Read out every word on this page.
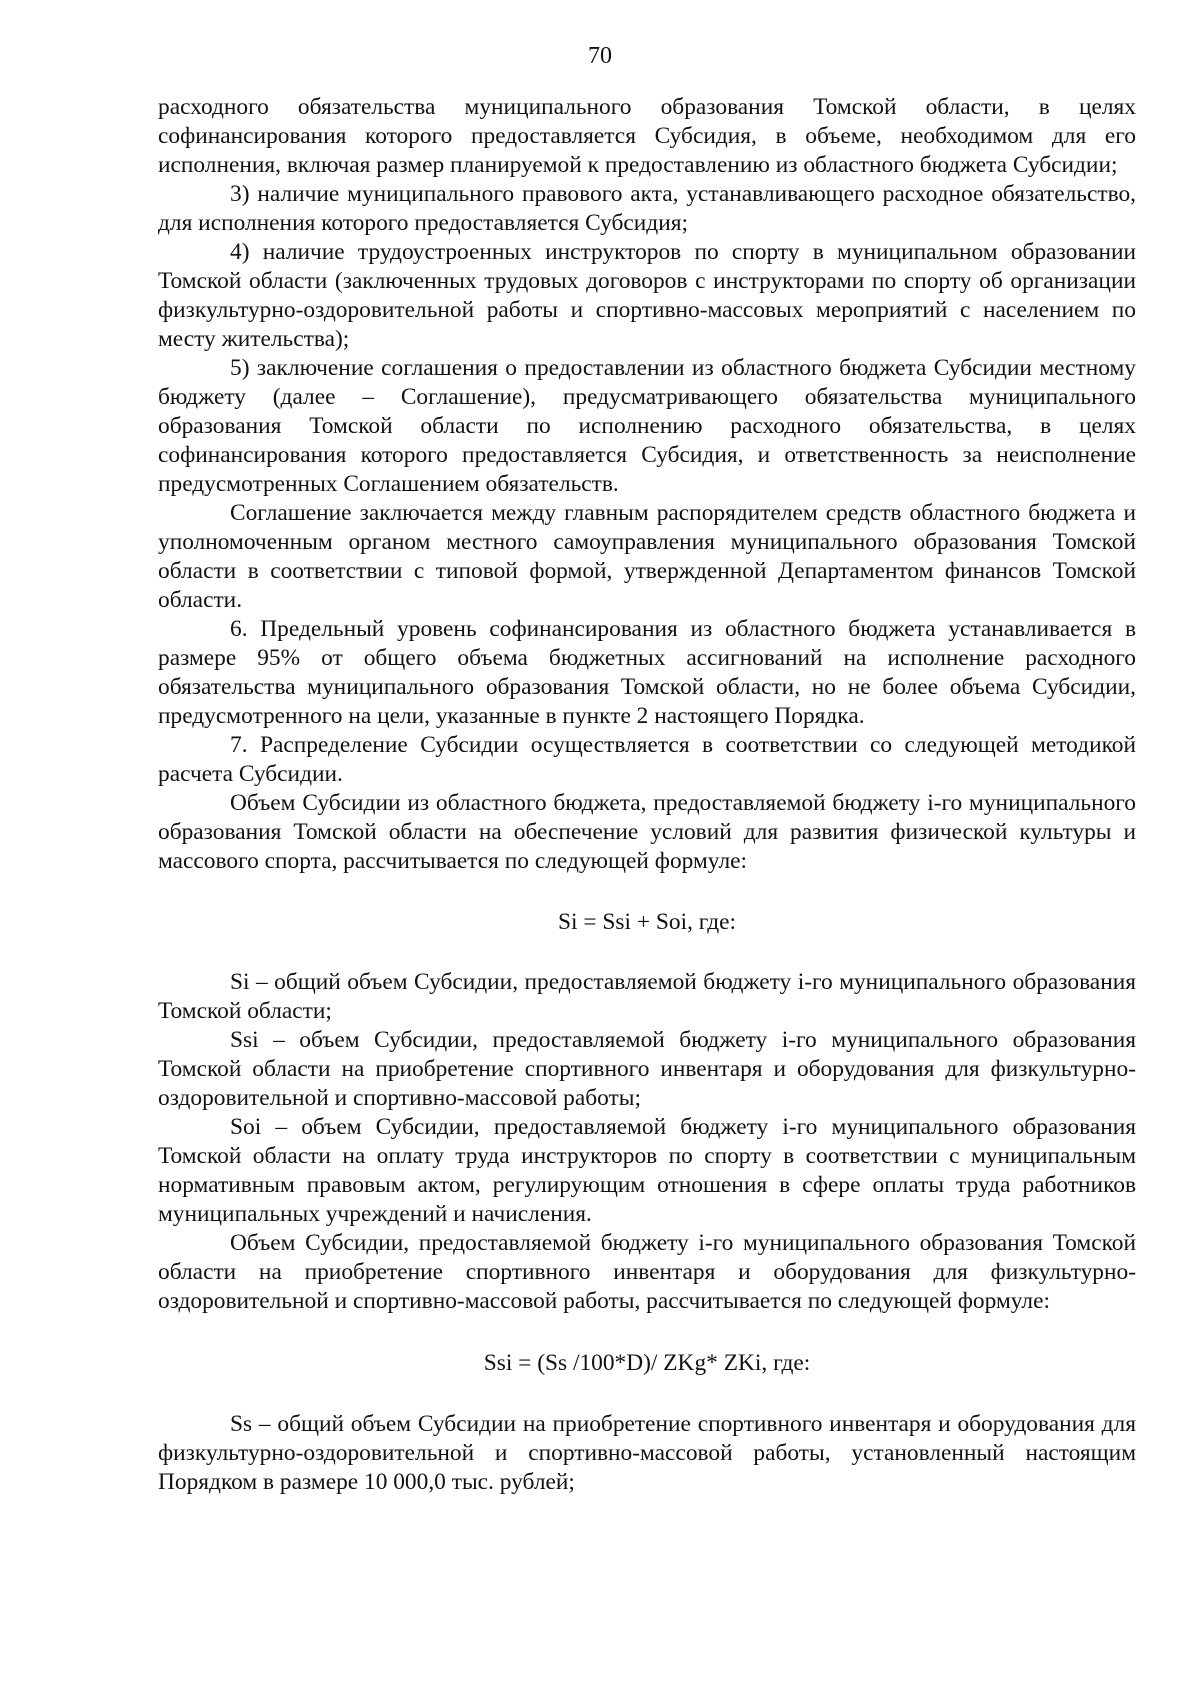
70

расходного обязательства муниципального образования Томской области, в целях софинансирования которого предоставляется Субсидия, в объеме, необходимом для его исполнения, включая размер планируемой к предоставлению из областного бюджета Субсидии;

3) наличие муниципального правового акта, устанавливающего расходное обязательство, для исполнения которого предоставляется Субсидия;

4) наличие трудоустроенных инструкторов по спорту в муниципальном образовании Томской области (заключенных трудовых договоров с инструкторами по спорту об организации физкультурно-оздоровительной работы и спортивно-массовых мероприятий с населением по месту жительства);

5) заключение соглашения о предоставлении из областного бюджета Субсидии местному бюджету (далее – Соглашение), предусматривающего обязательства муниципального образования Томской области по исполнению расходного обязательства, в целях софинансирования которого предоставляется Субсидия, и ответственность за неисполнение предусмотренных Соглашением обязательств.

Соглашение заключается между главным распорядителем средств областного бюджета и уполномоченным органом местного самоуправления муниципального образования Томской области в соответствии с типовой формой, утвержденной Департаментом финансов Томской области.

6. Предельный уровень софинансирования из областного бюджета устанавливается в размере 95% от общего объема бюджетных ассигнований на исполнение расходного обязательства муниципального образования Томской области, но не более объема Субсидии, предусмотренного на цели, указанные в пункте 2 настоящего Порядка.

7. Распределение Субсидии осуществляется в соответствии со следующей методикой расчета Субсидии.

Объем Субсидии из областного бюджета, предоставляемой бюджету i-го муниципального образования Томской области на обеспечение условий для развития физической культуры и массового спорта, рассчитывается по следующей формуле:

Si = Ssi + Soi, где:

Si – общий объем Субсидии, предоставляемой бюджету i-го муниципального образования Томской области;

Ssi – объем Субсидии, предоставляемой бюджету i-го муниципального образования Томской области на приобретение спортивного инвентаря и оборудования для физкультурно-оздоровительной и спортивно-массовой работы;

Soi – объем Субсидии, предоставляемой бюджету i-го муниципального образования Томской области на оплату труда инструкторов по спорту в соответствии с муниципальным нормативным правовым актом, регулирующим отношения в сфере оплаты труда работников муниципальных учреждений и начисления.

Объем Субсидии, предоставляемой бюджету i-го муниципального образования Томской области на приобретение спортивного инвентаря и оборудования для физкультурно-оздоровительной и спортивно-массовой работы, рассчитывается по следующей формуле:

Ssi = (Ss /100*D)/ ZKg* ZKi, где:

Ss – общий объем Субсидии на приобретение спортивного инвентаря и оборудования для физкультурно-оздоровительной и спортивно-массовой работы, установленный настоящим Порядком в размере 10 000,0 тыс. рублей;
